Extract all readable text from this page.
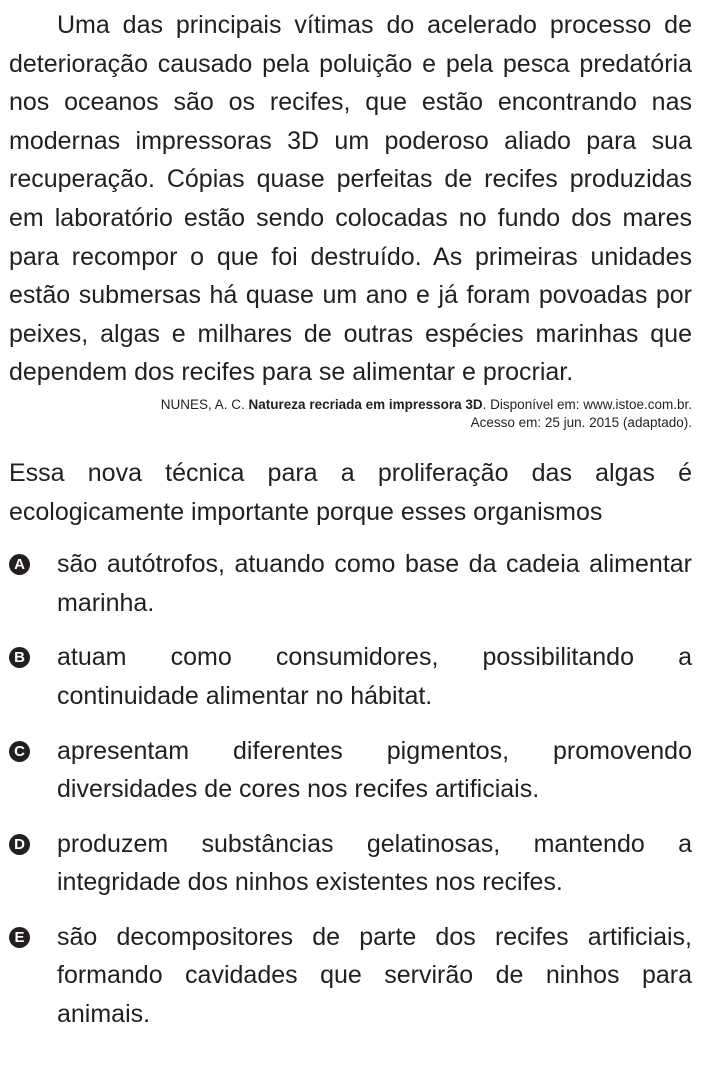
Uma das principais vítimas do acelerado processo de deterioração causado pela poluição e pela pesca predatória nos oceanos são os recifes, que estão encontrando nas modernas impressoras 3D um poderoso aliado para sua recuperação. Cópias quase perfeitas de recifes produzidas em laboratório estão sendo colocadas no fundo dos mares para recompor o que foi destruído. As primeiras unidades estão submersas há quase um ano e já foram povoadas por peixes, algas e milhares de outras espécies marinhas que dependem dos recifes para se alimentar e procriar.

NUNES, A. C. Natureza recriada em impressora 3D. Disponível em: www.istoe.com.br.
Acesso em: 25 jun. 2015 (adaptado).

Essa nova técnica para a proliferação das algas é ecologicamente importante porque esses organismos

A são autótrofos, atuando como base da cadeia alimentar marinha.
B atuam como consumidores, possibilitando a continuidade alimentar no hábitat.
C apresentam diferentes pigmentos, promovendo diversidades de cores nos recifes artificiais.
D produzem substâncias gelatinosas, mantendo a integridade dos ninhos existentes nos recifes.
E são decompositores de parte dos recifes artificiais, formando cavidades que servirão de ninhos para animais.
